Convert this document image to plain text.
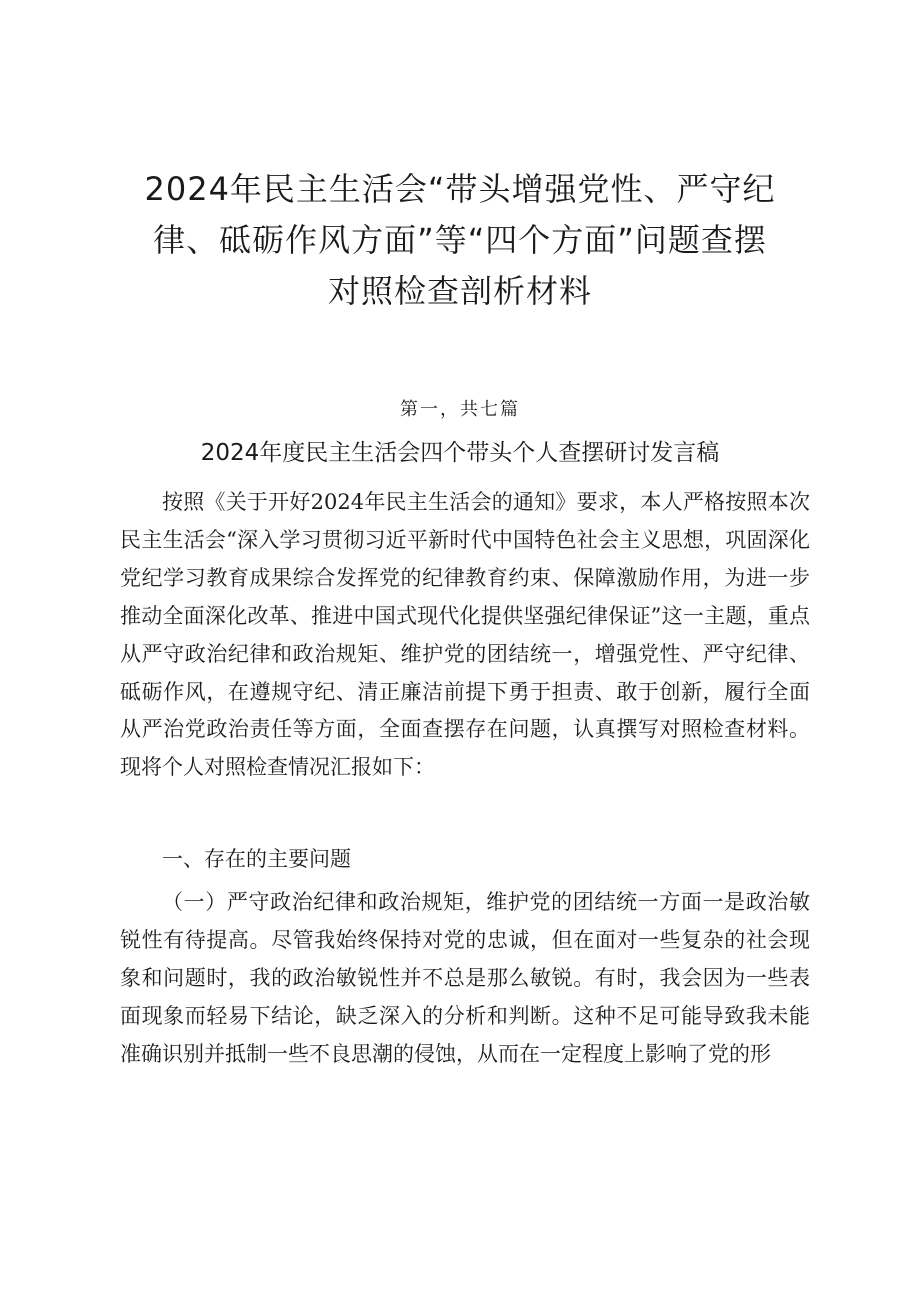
2024年民主生活会“带头增强党性、严守纪
律、砥砺作风方面”等“四个方面”问题查摆
对照检查剖析材料
第一，共七篇
2024年度民主生活会四个带头个人查摆研讨发言稿

按照《关于开好2024年民主生活会的通知》要求，本人严格按照本次民主生活会“深入学习贯彻习近平新时代中国特色社会主义思想，巩固深化党纪学习教育成果综合发挥党的纪律教育约束、保障激励作用，为进一步推动全面深化改革、推进中国式现代化提供坚强纪律保证”这一主题，重点从严守政治纪律和政治规矩、维护党的团结统一，增强党性、严守纪律、砥砺作风，在遵规守纪、清正廉洁前提下勇于担责、敢于创新，履行全面从严治党政治责任等方面，全面查摆存在问题，认真撰写对照检查材料。现将个人对照检查情况汇报如下：

一、存在的主要问题

（一）严守政治纪律和政治规矩，维护党的团结统一方面一是政治敏锐性有待提高。尽管我始终保持对党的忠诚，但在面对一些复杂的社会现象和问题时，我的政治敏锐性并不总是那么敏锐。有时，我会因为一些表面现象而轻易下结论，缺乏深入的分析和判断。这种不足可能导致我未能准确识别并抵制一些不良思潮的侵蚀，从而在一定程度上影响了党的形
